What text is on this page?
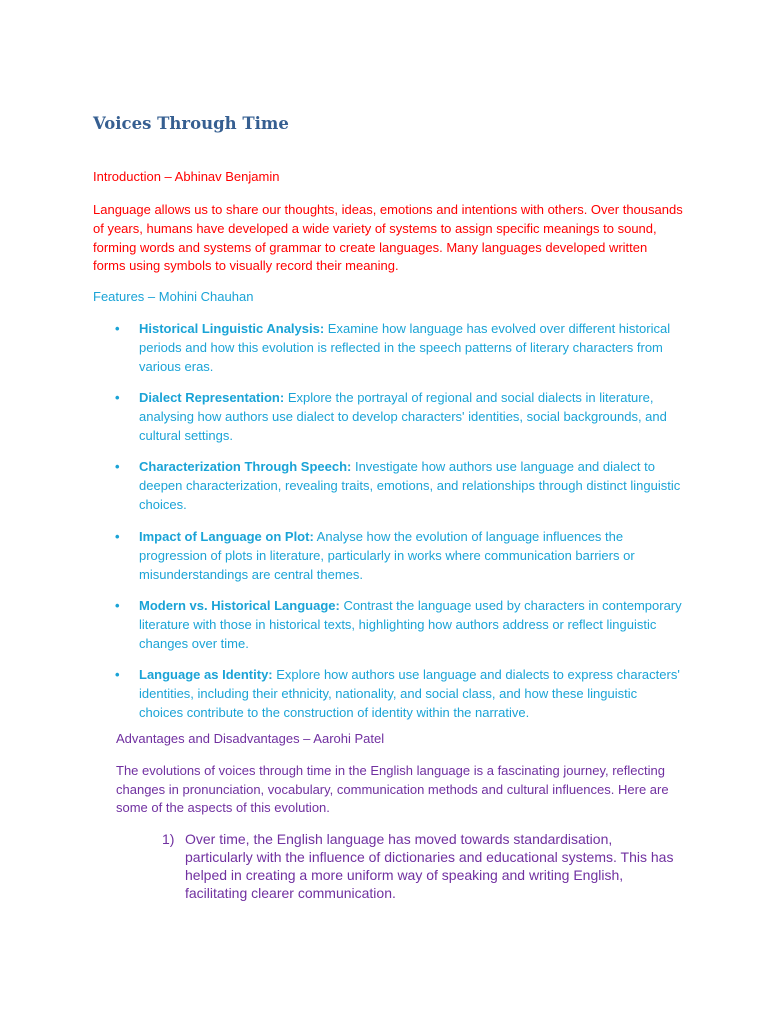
Voices Through Time

Introduction – Abhinav Benjamin

Language allows us to share our thoughts, ideas, emotions and intentions with others. Over thousands of years, humans have developed a wide variety of systems to assign specific meanings to sound, forming words and systems of grammar to create languages. Many languages developed written forms using symbols to visually record their meaning.

Features – Mohini Chauhan

• Historical Linguistic Analysis: Examine how language has evolved over different historical periods and how this evolution is reflected in the speech patterns of literary characters from various eras.
• Dialect Representation: Explore the portrayal of regional and social dialects in literature, analysing how authors use dialect to develop characters' identities, social backgrounds, and cultural settings.
• Characterization Through Speech: Investigate how authors use language and dialect to deepen characterization, revealing traits, emotions, and relationships through distinct linguistic choices.
• Impact of Language on Plot: Analyse how the evolution of language influences the progression of plots in literature, particularly in works where communication barriers or misunderstandings are central themes.
• Modern vs. Historical Language: Contrast the language used by characters in contemporary literature with those in historical texts, highlighting how authors address or reflect linguistic changes over time.
• Language as Identity: Explore how authors use language and dialects to express characters' identities, including their ethnicity, nationality, and social class, and how these linguistic choices contribute to the construction of identity within the narrative.

Advantages and Disadvantages – Aarohi Patel

The evolutions of voices through time in the English language is a fascinating journey, reflecting changes in pronunciation, vocabulary, communication methods and cultural influences. Here are some of the aspects of this evolution.

1) Over time, the English language has moved towards standardisation, particularly with the influence of dictionaries and educational systems. This has helped in creating a more uniform way of speaking and writing English, facilitating clearer communication.
